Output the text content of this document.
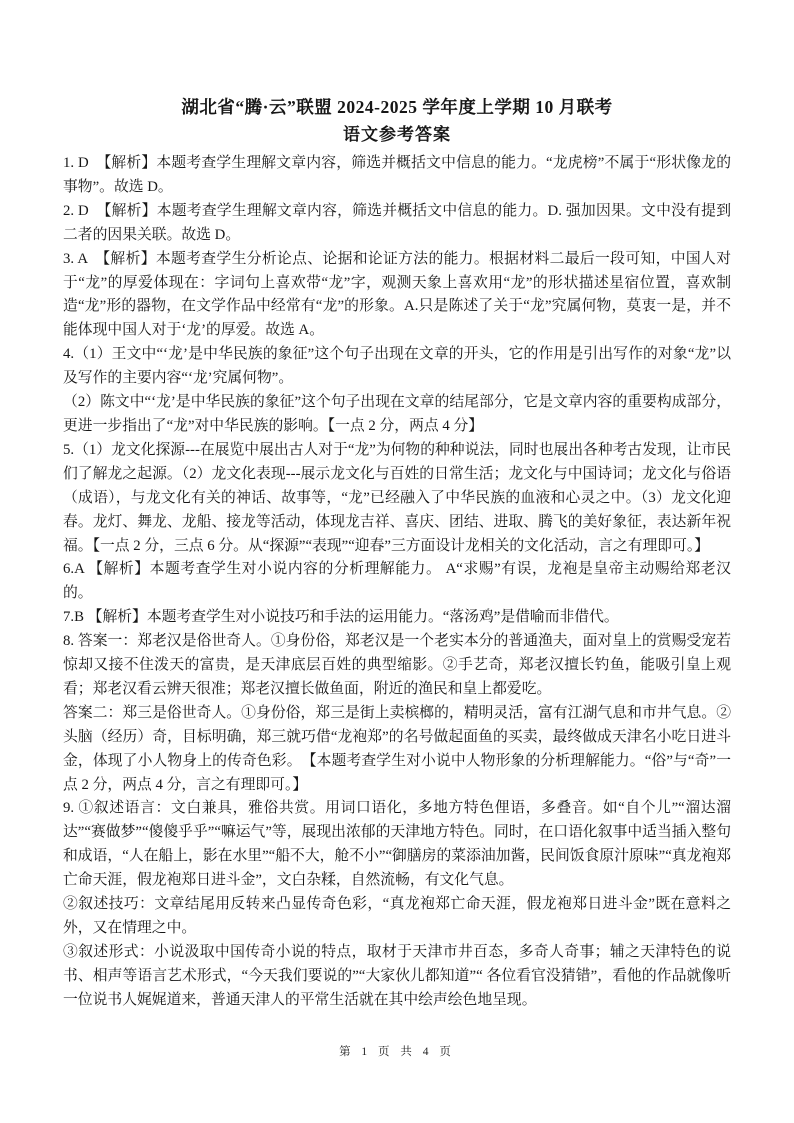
湖北省“腾·云”联盟 2024-2025 学年度上学期 10 月联考
语文参考答案

1. D　【解析】本题考查学生理解文章内容，筛选并概括文中信息的能力。“龙虎榜”不属于“形状像龙的事物”。故选 D。

2. D　【解析】本题考查学生理解文章内容，筛选并概括文中信息的能力。D. 强加因果。文中没有提到二者的因果关联。故选 D。

3. A　【解析】本题考查学生分析论点、论据和论证方法的能力。根据材料二最后一段可知，中国人对于“龙”的厚爱体现在：字词句上喜欢带“龙”字，观测天象上喜欢用“龙”的形状描述星宿位置，喜欢制造“龙”形的器物，在文学作品中经常有“龙”的形象。A.只是陈述了关于“龙”究属何物，莫衷一是，并不能体现中国人对于‘龙’的厚爱。故选 A。

4.（1）王文中“‘龙’是中华民族的象征”这个句子出现在文章的开头，它的作用是引出写作的对象“龙”以及写作的主要内容“‘龙’究属何物”。

（2）陈文中“‘龙’是中华民族的象征”这个句子出现在文章的结尾部分，它是文章内容的重要构成部分，更进一步指出了“龙”对中华民族的影响。【一点 2 分，两点 4 分】

5.（1）龙文化探源---在展览中展出古人对于“龙”为何物的种种说法，同时也展出各种考古发现，让市民们了解龙之起源。（2）龙文化表现---展示龙文化与百姓的日常生活；龙文化与中国诗词；龙文化与俗语（成语），与龙文化有关的神话、故事等，“龙”已经融入了中华民族的血液和心灵之中。（3）龙文化迎春。龙灯、舞龙、龙船、接龙等活动，体现龙吉祥、喜庆、团结、进取、腾飞的美好象征，表达新年祝福。【一点 2 分，三点 6 分。从“探源”“表现”“迎春”三方面设计龙相关的文化活动，言之有理即可。】

6.A 【解析】本题考查学生对小说内容的分析理解能力。 A“求赐”有误，龙袍是皇帝主动赐给郑老汉的。

7.B 【解析】本题考查学生对小说技巧和手法的运用能力。“落汤鸡”是借喻而非借代。

8. 答案一：郑老汉是俗世奇人。①身份俗，郑老汉是一个老实本分的普通渔夫，面对皇上的赏赐受宠若惊却又接不住泼天的富贵，是天津底层百姓的典型缩影。②手艺奇，郑老汉擅长钓鱼，能吸引皇上观看；郑老汉看云辨天很准；郑老汉擅长做鱼面，附近的渔民和皇上都爱吃。

答案二：郑三是俗世奇人。①身份俗，郑三是街上卖槟榔的，精明灵活，富有江湖气息和市井气息。②头脑（经历）奇，目标明确，郑三就巧借“龙袍郑”的名号做起面鱼的买卖，最终做成天津名小吃日进斗金，体现了小人物身上的传奇色彩。　【本题考查学生对小说中人物形象的分析理解能力。“俗”与“奇”一点 2 分，两点 4 分，言之有理即可。】

9. ①叙述语言：文白兼具，雅俗共赏。用词口语化，多地方特色俚语，多叠音。如“自个儿”“溜达溜达”“赛做梦”“傻傻乎乎”“嘛运气”等，展现出浓郁的天津地方特色。同时，在口语化叙事中适当插入整句和成语，“人在船上，影在水里”“船不大，舱不小”“御膳房的菜添油加酱，民间饭食原汁原味”“真龙袍郑亡命天涯，假龙袍郑日进斗金”，文白杂糅，自然流畅，有文化气息。

②叙述技巧：文章结尾用反转来凸显传奇色彩，“真龙袍郑亡命天涯，假龙袍郑日进斗金”既在意料之外，又在情理之中。

③叙述形式：小说汲取中国传奇小说的特点，取材于天津市井百态，多奇人奇事；辅之天津特色的说书、相声等语言艺术形式，“今天我们要说的”“大家伙儿都知道”“ 各位看官没猜错”，看他的作品就像听一位说书人娓娓道来，普通天津人的平常生活就在其中绘声绘色地呈现。

第 1 页 共 4 页
